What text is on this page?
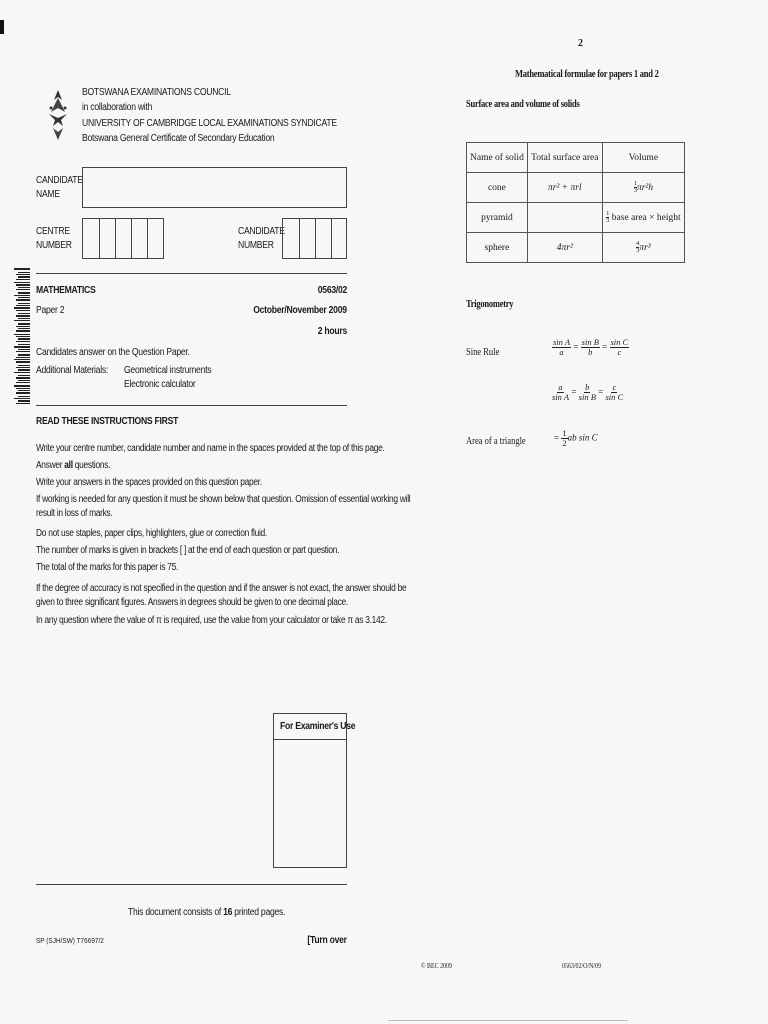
BOTSWANA EXAMINATIONS COUNCIL
in collaboration with
UNIVERSITY OF CAMBRIDGE LOCAL EXAMINATIONS SYNDICATE
Botswana General Certificate of Secondary Education
CANDIDATE
NAME
CENTRE
NUMBER
CANDIDATE
NUMBER
MATHEMATICS	0563/02
Paper 2	October/November 2009
2 hours
Candidates answer on the Question Paper.
Additional Materials: Geometrical instruments
Electronic calculator
READ THESE INSTRUCTIONS FIRST
Write your centre number, candidate number and name in the spaces provided at the top of this page.
Answer all questions.
Write your answers in the spaces provided on this question paper.
If working is needed for any question it must be shown below that question. Omission of essential working will
result in loss of marks.
Do not use staples, paper clips, highlighters, glue or correction fluid.
The number of marks is given in brackets [ ] at the end of each question or part question.
The total of the marks for this paper is 75.
If the degree of accuracy is not specified in the question and if the answer is not exact, the answer should be
given to three significant figures. Answers in degrees should be given to one decimal place.
In any question where the value of π is required, use the value from your calculator or take π as 3.142.
For Examiner's Use
This document consists of 16 printed pages.
SP (SJH/SW) T76697/2	[Turn over
2
Mathematical formulae for papers 1 and 2
Surface area and volume of solids
Name of solid	Total surface area	Volume
cone	πr² + πrl	$\frac{1}{3} \pi r^2h$
pyramid		$\frac{1}{3}$ base area × height
sphere	4πr²	$\frac{4}{3} \pi r^3$
Trigonometry
Sine Rule	$\frac{\text{sin A}}{a} = \frac{\text{sin B}}{b} = \frac{\text{sin C}}{c}$
$\frac{a}{\text{sin A}} = \frac{b}{\text{sin B}} = \frac{c}{\text{sin C}}$
Area of a triangle	= $\frac{1}{2}$ ab sin C
© BEC 2009	0563/02/O/N/09
